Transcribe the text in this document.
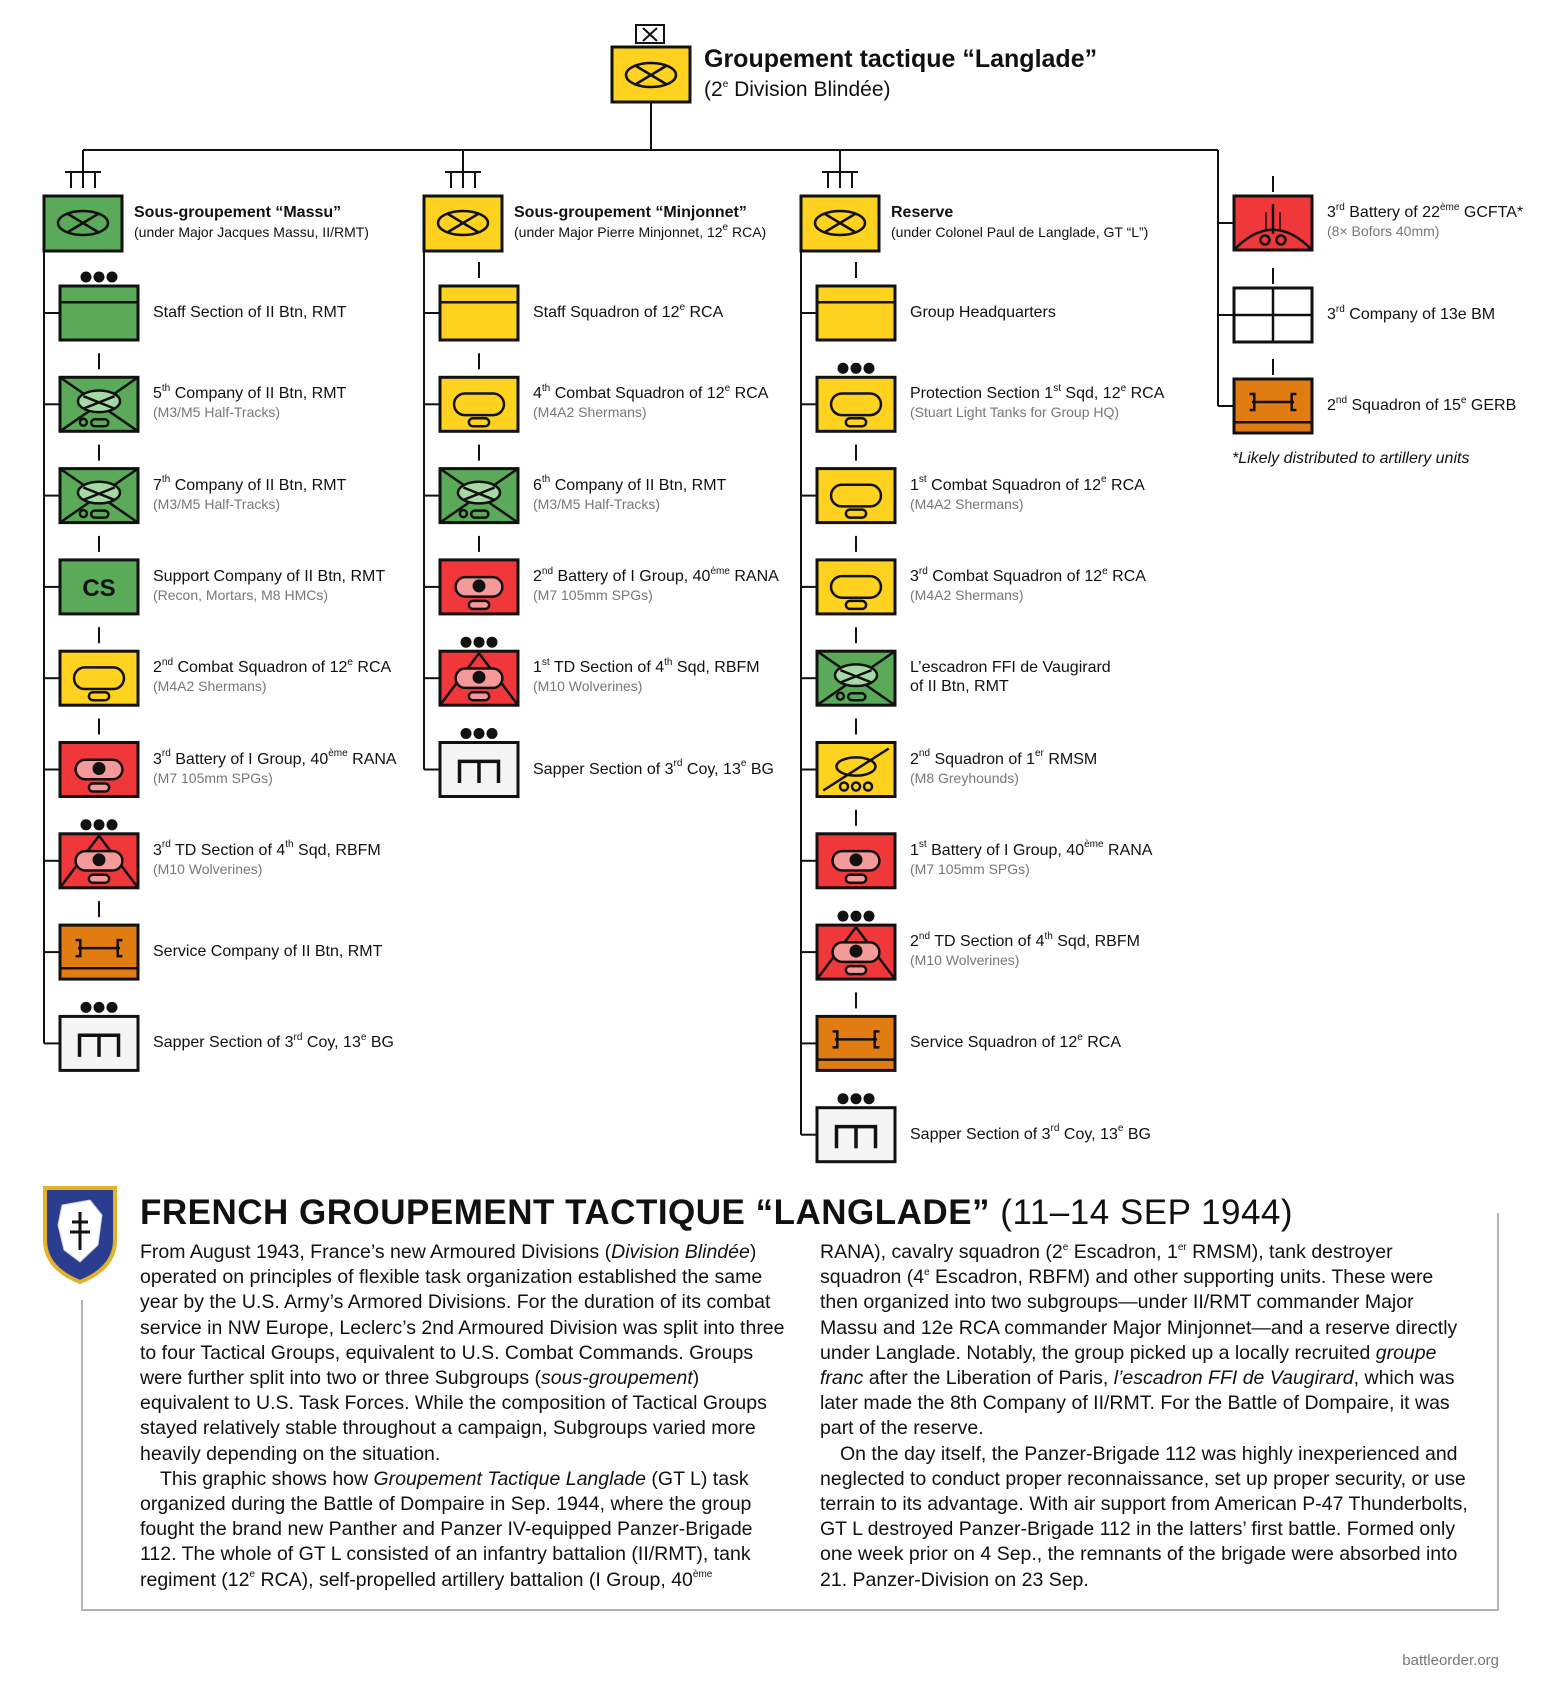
CS
Groupement tactique “Langlade”
(2e Division Blindée)
Sous-groupement “Massu”
(under Major Jacques Massu, II/RMT)
Sous-groupement “Minjonnet”
(under Major Pierre Minjonnet, 12e RCA)
Reserve
(under Colonel Paul de Langlade, GT “L”)
Staff Section of II Btn, RMT
5th Company of II Btn, RMT
(M3/M5 Half-Tracks)
7th Company of II Btn, RMT
(M3/M5 Half-Tracks)
Support Company of II Btn, RMT
(Recon, Mortars, M8 HMCs)
2nd Combat Squadron of 12e RCA
(M4A2 Shermans)
3rd Battery of I Group, 40ème RANA
(M7 105mm SPGs)
3rd TD Section of 4th Sqd, RBFM
(M10 Wolverines)
Service Company of II Btn, RMT
Sapper Section of 3rd Coy, 13e BG
Staff Squadron of 12e RCA
4th Combat Squadron of 12e RCA
(M4A2 Shermans)
6th Company of II Btn, RMT
(M3/M5 Half-Tracks)
2nd Battery of I Group, 40ème RANA
(M7 105mm SPGs)
1st TD Section of 4th Sqd, RBFM
(M10 Wolverines)
Sapper Section of 3rd Coy, 13e BG
Group Headquarters
Protection Section 1st Sqd, 12e RCA
(Stuart Light Tanks for Group HQ)
1st Combat Squadron of 12e RCA
(M4A2 Shermans)
3rd Combat Squadron of 12e RCA
(M4A2 Shermans)
L’escadron FFI de Vaugirard
of II Btn, RMT
2nd Squadron of 1er RMSM
(M8 Greyhounds)
1st Battery of I Group, 40ème RANA
(M7 105mm SPGs)
2nd TD Section of 4th Sqd, RBFM
(M10 Wolverines)
Service Squadron of 12e RCA
Sapper Section of 3rd Coy, 13e BG
3rd Battery of 22ème GCFTA*
(8× Bofors 40mm)
3rd Company of 13e BM
2nd Squadron of 15e GERB
*Likely distributed to artillery units
FRENCH GROUPEMENT TACTIQUE “LANGLADE” (11–14 SEP 1944)

From August 1943, France’s new Armoured Divisions (Division Blindée) operated on principles of flexible task organization established the same year by the U.S. Army’s Armored Divisions. For the duration of its combat service in NW Europe, Leclerc’s 2nd Armoured Division was split into three to four Tactical Groups, equivalent to U.S. Combat Commands. Groups were further split into two or three Subgroups (sous-groupement) equivalent to U.S. Task Forces. While the composition of Tactical Groups stayed relatively stable throughout a campaign, Subgroups varied more heavily depending on the situation.

This graphic shows how Groupement Tactique Langlade (GT L) task organized during the Battle of Dompaire in Sep. 1944, where the group fought the brand new Panther and Panzer IV-equipped Panzer-Brigade 112. The whole of GT L consisted of an infantry battalion (II/RMT), tank regiment (12e RCA), self-propelled artillery battalion (I Group, 40ème

RANA), cavalry squadron (2e Escadron, 1er RMSM), tank destroyer squadron (4e Escadron, RBFM) and other supporting units. These were then organized into two subgroups—under II/RMT commander Major Massu and 12e RCA commander Major Minjonnet—and a reserve directly under Langlade. Notably, the group picked up a locally recruited groupe franc after the Liberation of Paris, l’escadron FFI de Vaugirard, which was later made the 8th Company of II/RMT. For the Battle of Dompaire, it was part of the reserve.

On the day itself, the Panzer-Brigade 112 was highly inexperienced and neglected to conduct proper reconnaissance, set up proper security, or use terrain to its advantage. With air support from American P-47 Thunderbolts, GT L destroyed Panzer-Brigade 112 in the latters’ first battle. Formed only one week prior on 4 Sep., the remnants of the brigade were absorbed into 21. Panzer-Division on 23 Sep.

battleorder.org
